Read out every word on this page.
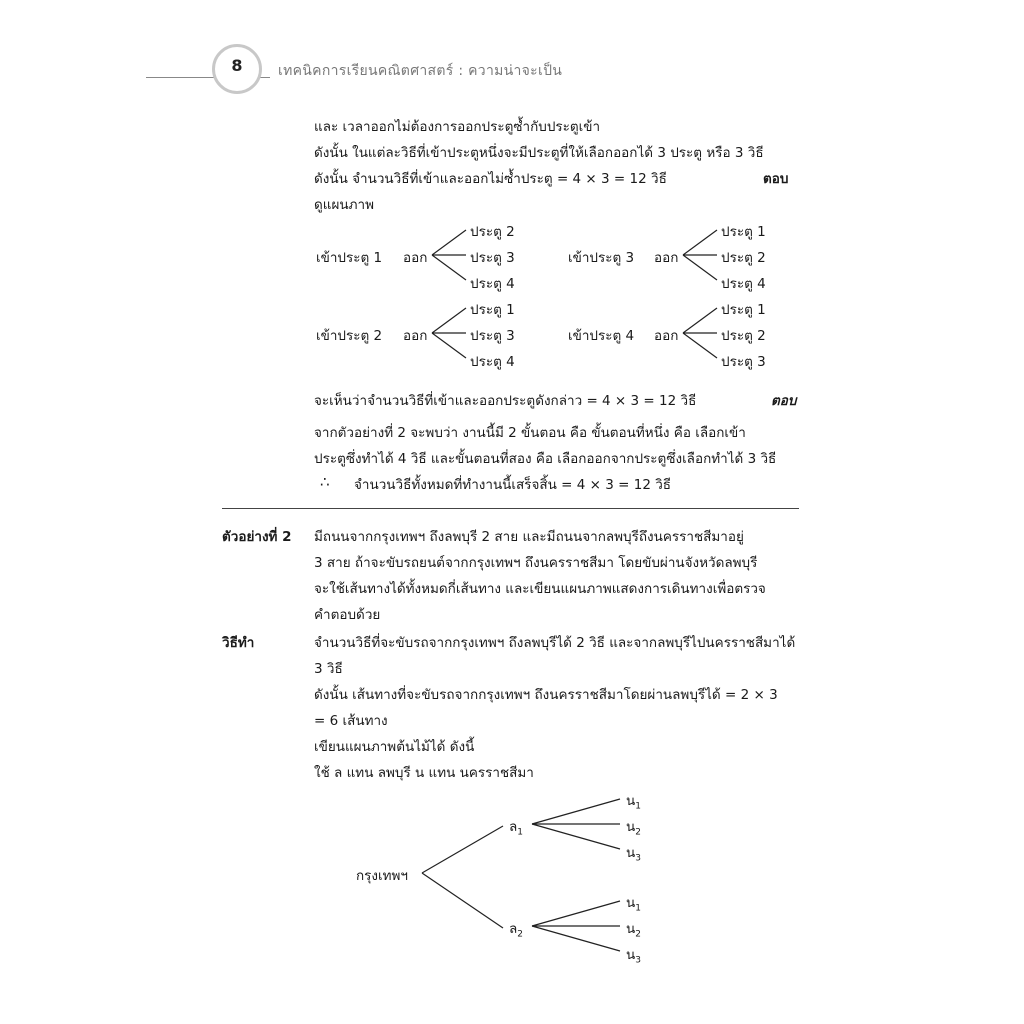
8	เทคนิคการเรียนคณิตศาสตร์ : ความน่าจะเป็น
และ เวลาออกไม่ต้องการออกประตูซ้ำกับประตูเข้า
ดังนั้น ในแต่ละวิธีที่เข้าประตูหนึ่งจะมีประตูที่ให้เลือกออกได้ 3 ประตู หรือ 3 วิธี
ดังนั้น จำนวนวิธีที่เข้าและออกไม่ซ้ำประตู = 4 × 3 = 12 วิธี	ตอบ
ดูแผนภาพ
เข้าประตู 1 ออก
ประตู 2
ประตู 3
ประตู 4
เข้าประตู 3 ออก
ประตู 1
ประตู 2
ประตู 4
เข้าประตู 2 ออก
ประตู 1
ประตู 3
ประตู 4
เข้าประตู 4 ออก
ประตู 1
ประตู 2
ประตู 3
จะเห็นว่าจำนวนวิธีที่เข้าและออกประตูดังกล่าว = 4 × 3 = 12 วิธี	ตอบ
จากตัวอย่างที่ 2 จะพบว่า งานนี้มี 2 ขั้นตอน คือ ขั้นตอนที่หนึ่ง คือ เลือกเข้า
ประตูซึ่งทำได้ 4 วิธี และขั้นตอนที่สอง คือ เลือกออกจากประตูซึ่งเลือกทำได้ 3 วิธี
∴ จำนวนวิธีทั้งหมดที่ทำงานนี้เสร็จสิ้น = 4 × 3 = 12 วิธี
ตัวอย่างที่ 2 มีถนนจากกรุงเทพฯ ถึงลพบุรี 2 สาย และมีถนนจากลพบุรีถึงนครราชสีมาอยู่
3 สาย ถ้าจะขับรถยนต์จากกรุงเทพฯ ถึงนครราชสีมา โดยขับผ่านจังหวัดลพบุรี
จะใช้เส้นทางได้ทั้งหมดกี่เส้นทาง และเขียนแผนภาพแสดงการเดินทางเพื่อตรวจ
คำตอบด้วย
วิธีทำ	จำนวนวิธีที่จะขับรถจากกรุงเทพฯ ถึงลพบุรีได้ 2 วิธี และจากลพบุรีไปนครราชสีมาได้
3 วิธี
ดังนั้น เส้นทางที่จะขับรถจากกรุงเทพฯ ถึงนครราชสีมาโดยผ่านลพบุรีได้ = 2 × 3
= 6 เส้นทาง
เขียนแผนภาพต้นไม้ได้ ดังนี้
ใช้ ล แทน ลพบุรี น แทน นครราชสีมา
กรุงเทพฯ
ล$_1$
ล$_2$
น$_1$
น$_2$
น$_3$
น$_1$
น$_2$
น$_3$
